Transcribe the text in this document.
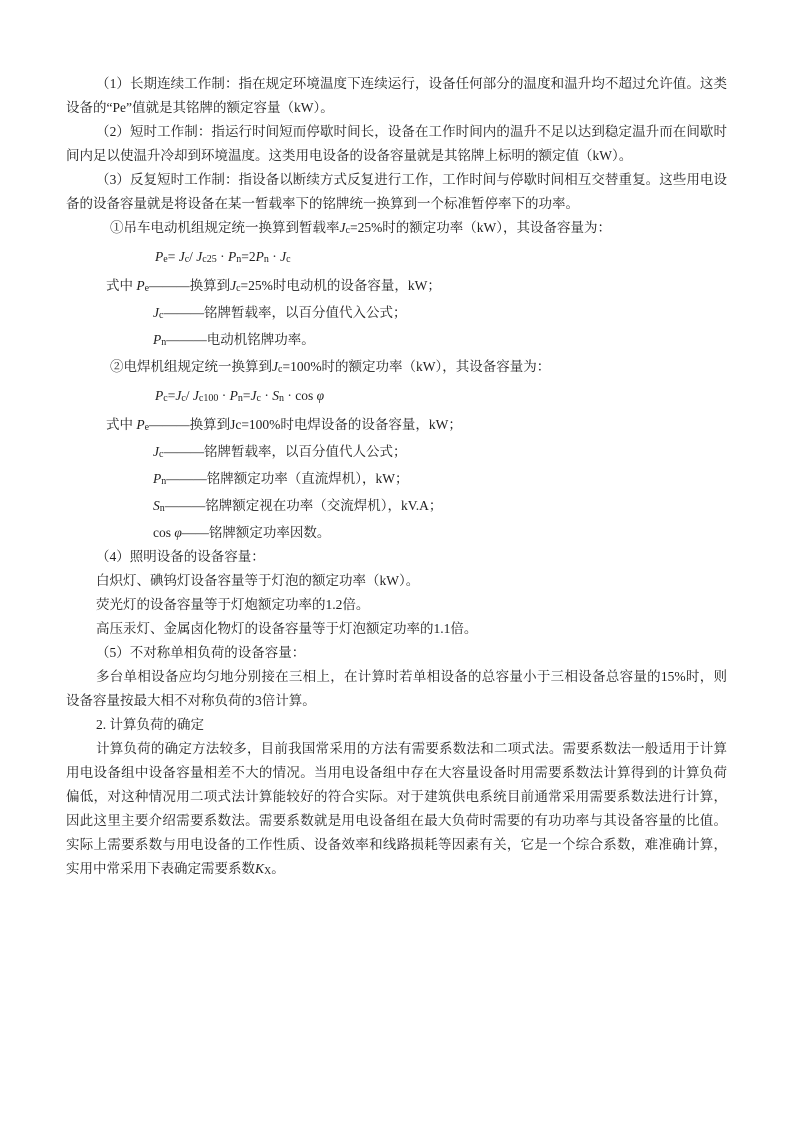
（1）长期连续工作制：指在规定环境温度下连续运行，设备任何部分的温度和温升均不超过允许值。这类设备的“Pe”值就是其铭牌的额定容量（kW）。
（2）短时工作制：指运行时间短而停歇时间长，设备在工作时间内的温升不足以达到稳定温升而在间歇时间内足以使温升冷却到环境温度。这类用电设备的设备容量就是其铭牌上标明的额定值（kW）。
（3）反复短时工作制：指设备以断续方式反复进行工作，工作时间与停歇时间相互交替重复。这些用电设备的设备容量就是将设备在某一暂载率下的铭牌统一换算到一个标准暂停率下的功率。
①吊车电动机组规定统一换算到暂载率Jc=25%时的额定功率（kW），其设备容量为：
Pe= Jc/ Jc25 · Pn=2Pn · Jc
式中 Pe———换算到Jc=25%时电动机的设备容量，kW；
Jc———铭牌暂载率，以百分值代入公式；
Pn———电动机铭牌功率。
②电焊机组规定统一换算到Jc=100%时的额定功率（kW），其设备容量为：
Pc=Jc/ Jc100 · Pn=Jc · Sn · cos φ
式中 Pe———换算到Jc=100%时电焊设备的设备容量，kW；
Jc———铭牌暂载率，以百分值代人公式；
Pn———铭牌额定功率（直流焊机），kW；
Sn———铭牌额定视在功率（交流焊机），kV.A；
cos φ——铭牌额定功率因数。
（4）照明设备的设备容量：
白炽灯、碘钨灯设备容量等于灯泡的额定功率（kW）。
荧光灯的设备容量等于灯炮额定功率的1.2倍。
高压汞灯、金属卤化物灯的设备容量等于灯泡额定功率的1.1倍。
（5）不对称单相负荷的设备容量：
多台单相设备应均匀地分别接在三相上，在计算时若单相设备的总容量小于三相设备总容量的15%时，则设备容量按最大相不对称负荷的3倍计算。
2. 计算负荷的确定
计算负荷的确定方法较多，目前我国常采用的方法有需要系数法和二项式法。需要系数法一般适用于计算用电设备组中设备容量相差不大的情况。当用电设备组中存在大容量设备时用需要系数法计算得到的计算负荷偏低，对这种情况用二项式法计算能较好的符合实际。对于建筑供电系统目前通常采用需要系数法进行计算，因此这里主要介绍需要系数法。需要系数就是用电设备组在最大负荷时需要的有功功率与其设备容量的比值。实际上需要系数与用电设备的工作性质、设备效率和线路损耗等因素有关，它是一个综合系数，难准确计算，实用中常采用下表确定需要系数KX。
